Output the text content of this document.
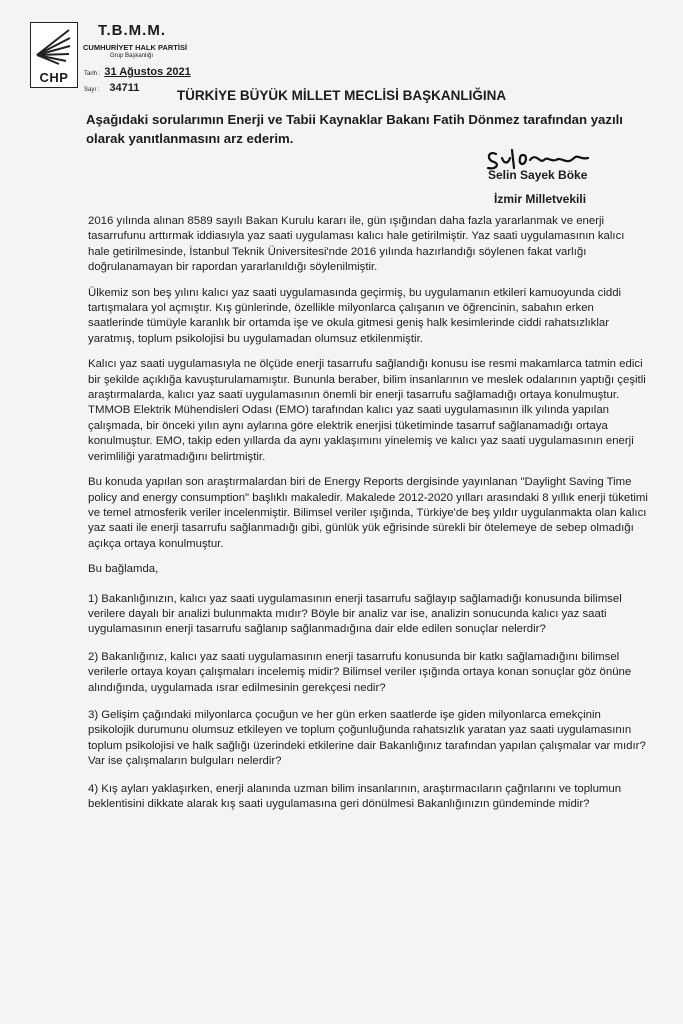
CHP
T.B.M.M.
CUMHURİYET HALK PARTİSİ
Grup Başkanlığı
Tarih : 31 Ağustos 2021
Sayı : 34711	TÜRKİYE BÜYÜK MİLLET MECLİSİ BAŞKANLIĞINA
Aşağıdaki sorularımın Enerji ve Tabii Kaynaklar Bakanı Fatih Dönmez tarafından yazılı olarak yanıtlanmasını arz ederim.
Selin Sayek Böke
İzmir Milletvekili

2016 yılında alınan 8589 sayılı Bakan Kurulu kararı ile, gün ışığından daha fazla yararlanmak ve enerji tasarrufunu arttırmak iddiasıyla yaz saati uygulaması kalıcı hale getirilmiştir. Yaz saati uygulamasının kalıcı hale getirilmesinde, İstanbul Teknik Üniversitesi'nde 2016 yılında hazırlandığı söylenen fakat varlığı doğrulanamayan bir rapordan yararlanıldığı söylenilmiştir.

Ülkemiz son beş yılını kalıcı yaz saati uygulamasında geçirmiş, bu uygulamanın etkileri kamuoyunda ciddi tartışmalara yol açmıştır. Kış günlerinde, özellikle milyonlarca çalışanın ve öğrencinin, sabahın erken saatlerinde tümüyle karanlık bir ortamda işe ve okula gitmesi geniş halk kesimlerinde ciddi rahatsızlıklar yaratmış, toplum psikolojisi bu uygulamadan olumsuz etkilenmiştir.

Kalıcı yaz saati uygulamasıyla ne ölçüde enerji tasarrufu sağlandığı konusu ise resmi makamlarca tatmin edici bir şekilde açıklığa kavuşturulamamıştır. Bununla beraber, bilim insanlarının ve meslek odalarının yaptığı çeşitli araştırmalarda, kalıcı yaz saati uygulamasının önemli bir enerji tasarrufu sağlamadığı ortaya konulmuştur. TMMOB Elektrik Mühendisleri Odası (EMO) tarafından kalıcı yaz saati uygulamasının ilk yılında yapılan çalışmada, bir önceki yılın aynı aylarına göre elektrik enerjisi tüketiminde tasarruf sağlanamadığı ortaya konulmuştur. EMO, takip eden yıllarda da aynı yaklaşımını yinelemiş ve kalıcı yaz saati uygulamasının enerji verimliliği yaratmadığını belirtmiştir.

Bu konuda yapılan son araştırmalardan biri de Energy Reports dergisinde yayınlanan "Daylight Saving Time policy and energy consumption" başlıklı makaledir. Makalede 2012-2020 yılları arasındaki 8 yıllık enerji tüketimi ve temel atmosferik veriler incelenmiştir. Bilimsel veriler ışığında, Türkiye'de beş yıldır uygulanmakta olan kalıcı yaz saati ile enerji tasarrufu sağlanmadığı gibi, günlük yük eğrisinde sürekli bir ötelemeye de sebep olmadığı açıkça ortaya konulmuştur.

Bu bağlamda,

1) Bakanlığınızın, kalıcı yaz saati uygulamasının enerji tasarrufu sağlayıp sağlamadığı konusunda bilimsel verilere dayalı bir analizi bulunmakta mıdır? Böyle bir analiz var ise, analizin sonucunda kalıcı yaz saati uygulamasının enerji tasarrufu sağlanıp sağlanmadığına dair elde edilen sonuçlar nelerdir?

2) Bakanlığınız, kalıcı yaz saati uygulamasının enerji tasarrufu konusunda bir katkı sağlamadığını bilimsel verilerle ortaya koyan çalışmaları incelemiş midir? Bilimsel veriler ışığında ortaya konan sonuçlar göz önüne alındığında, uygulamada ısrar edilmesinin gerekçesi nedir?

3) Gelişim çağındaki milyonlarca çocuğun ve her gün erken saatlerde işe giden milyonlarca emekçinin psikolojik durumunu olumsuz etkileyen ve toplum çoğunluğunda rahatsızlık yaratan yaz saati uygulamasının toplum psikolojisi ve halk sağlığı üzerindeki etkilerine dair Bakanlığınız tarafından yapılan çalışmalar var mıdır? Var ise çalışmaların bulguları nelerdir?

4) Kış ayları yaklaşırken, enerji alanında uzman bilim insanlarının, araştırmacıların çağrılarını ve toplumun beklentisini dikkate alarak kış saati uygulamasına geri dönülmesi Bakanlığınızın gündeminde midir?
